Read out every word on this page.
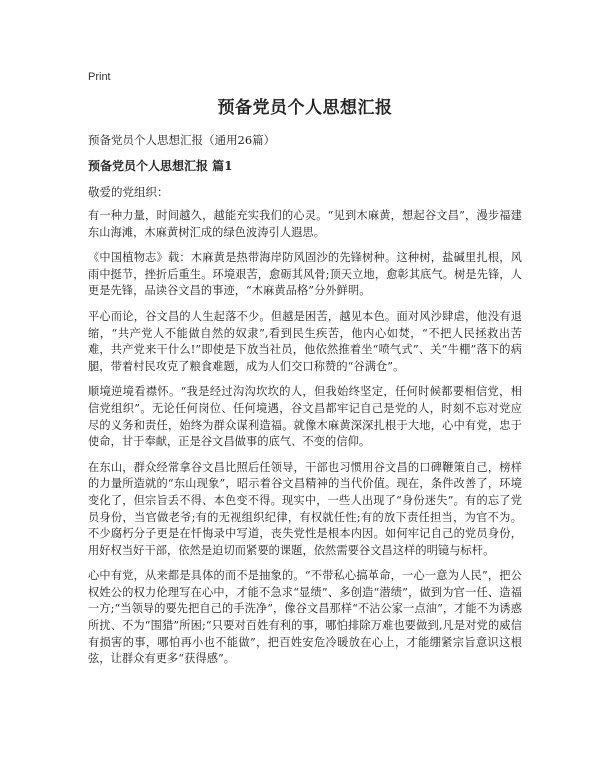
Print
预备党员个人思想汇报
预备党员个人思想汇报（通用26篇）
预备党员个人思想汇报 篇1
敬爱的党组织：

有一种力量，时间越久，越能充实我们的心灵。“见到木麻黄，想起谷文昌”，漫步福建东山海滩，木麻黄树汇成的绿色波涛引人遐思。

《中国植物志》载：木麻黄是热带海岸防风固沙的先锋树种。这种树，盐碱里扎根，风雨中挺节，挫折后重生。环境艰苦，愈砺其风骨;顶天立地，愈彰其底气。树是先锋，人更是先锋，品读谷文昌的事迹，“木麻黄品格”分外鲜明。

平心而论，谷文昌的人生起落不少。但越是困苦，越见本色。面对风沙肆虐，他没有退缩，“共产党人不能做自然的奴隶”,看到民生疾苦，他内心如焚，“不把人民拯救出苦难，共产党来干什么!”即使是下放当社员，他依然推着坐“喷气式”、关“牛棚”落下的病腿，带着村民攻克了粮食难题，成为人们交口称赞的“谷满仓”。

顺境逆境看襟怀。“我是经过沟沟坎坎的人，但我始终坚定，任何时候都要相信党，相信党组织”。无论任何岗位、任何境遇，谷文昌都牢记自己是党的人，时刻不忘对党应尽的义务和责任，始终为群众谋利造福。就像木麻黄深深扎根于大地，心中有党，忠于使命，甘于奉献，正是谷文昌做事的底气、不变的信仰。

在东山，群众经常拿谷文昌比照后任领导，干部也习惯用谷文昌的口碑鞭策自己，榜样的力量所造就的“东山现象”，昭示着谷文昌精神的当代价值。现在，条件改善了，环境变化了，但宗旨丢不得、本色变不得。现实中，一些人出现了“身份迷失”。有的忘了党员身份，当官做老爷;有的无视组织纪律，有权就任性;有的放下责任担当，为官不为。不少腐朽分子更是在忏悔录中写道，丧失党性是根本内因。如何牢记自己的党员身份，用好权当好干部，依然是迫切而紧要的课题，依然需要谷文昌这样的明镜与标杆。

心中有党，从来都是具体的而不是抽象的。“不带私心搞革命，一心一意为人民”，把公权姓公的权力伦理写在心中，才能不急求“显绩”、多创造“潜绩”，做到为官一任、造福一方;“当领导的要先把自己的手洗净”，像谷文昌那样“不沾公家一点油”，才能不为诱惑所扰、不为“围猎”所困;“只要对百姓有利的事，哪怕排除万难也要做到,凡是对党的威信有损害的事，哪怕再小也不能做”，把百姓安危冷暖放在心上，才能绷紧宗旨意识这根弦，让群众有更多“获得感”。
